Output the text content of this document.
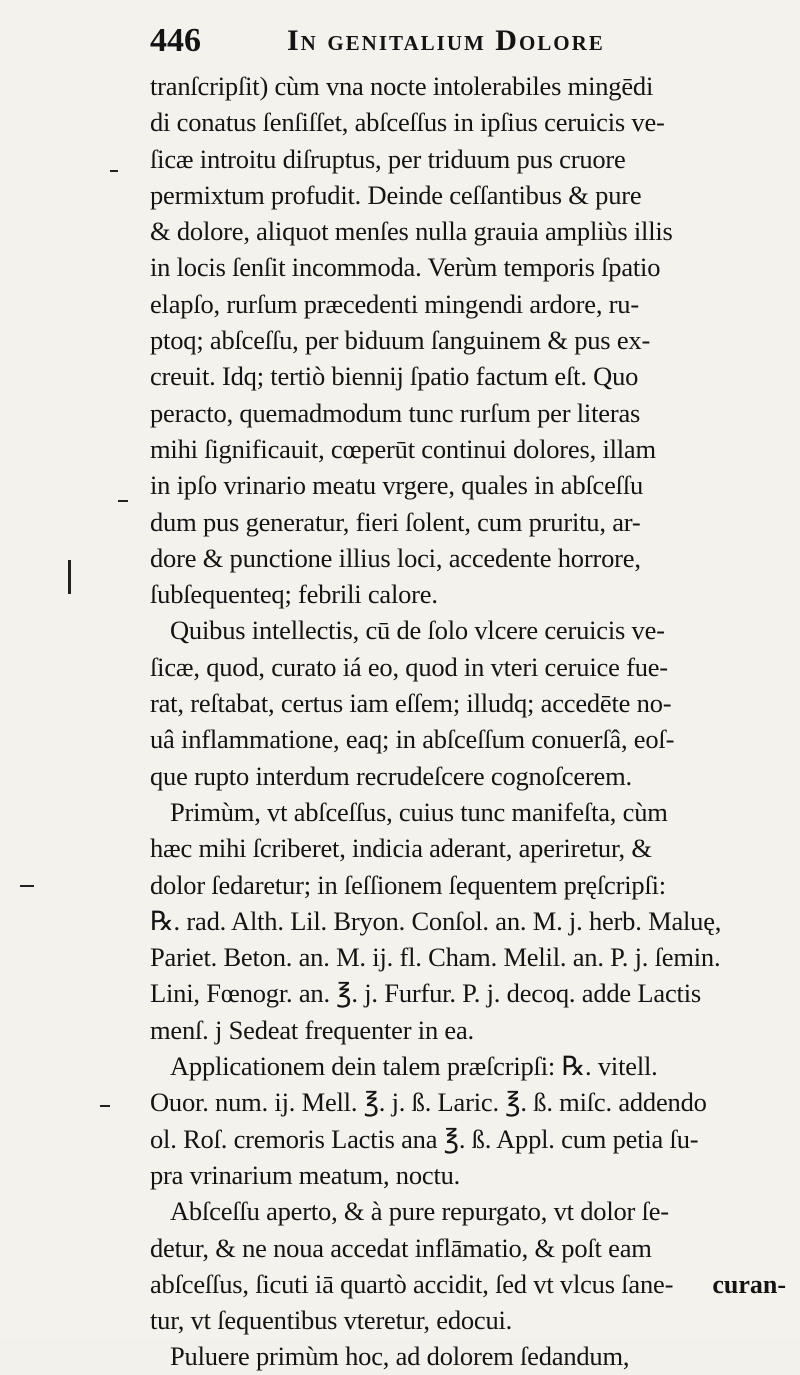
446	In genitalium Dolore
tranſcripſit) cùm vna nocte intolerabiles mingēdi
di conatus ſenſiſſet, abſceſſus in ipſius ceruicis ve-
ſicæ introitu diſruptus, per triduum pus cruore
permixtum profudit. Deinde ceſſantibus & pure
& dolore, aliquot menſes nulla grauia ampliùs illis
in locis ſenſit incommoda. Verùm temporis ſpatio
elapſo, rurſum præcedenti mingendi ardore, ru-
ptoq; abſceſſu, per biduum ſanguinem & pus ex-
creuit. Idq; tertiò biennij ſpatio factum eſt. Quo
peracto, quemadmodum tunc rurſum per literas
mihi ſignificauit, cœperūt continui dolores, illam
in ipſo vrinario meatu vrgere, quales in abſceſſu
dum pus generatur, fieri ſolent, cum pruritu, ar-
dore & punctione illius loci, accedente horrore,
ſubſequenteq; febrili calore.
Quibus intellectis, cū de ſolo vlcere ceruicis ve-
ſicæ, quod, curato iá eo, quod in vteri ceruice fue-
rat, reſtabat, certus iam eſſem; illudq; accedēte no-
uâ inflammatione, eaq; in abſceſſum conuerſâ, eoſ-
que rupto interdum recrudeſcere cognoſcerem.
Primùm, vt abſceſſus, cuius tunc manifeſta, cùm
hæc mihi ſcriberet, indicia aderant, aperiretur, &
dolor ſedaretur; in ſeſſionem ſequentem pręſcripſi:
℞. rad. Alth. Lil. Bryon. Conſol. an. M. j. herb. Maluę,
Pariet. Beton. an. M. ij. fl. Cham. Melil. an. P. j. ſemin.
Lini, Fœnogr. an. ℥. j. Furfur. P. j. decoq. adde Lactis
menſ. j Sedeat frequenter in ea.
Applicationem dein talem præſcripſi: ℞. vitell.
Ouor. num. ij. Mell. ℥. j. ß. Laric. ℥. ß. miſc. addendo
ol. Roſ. cremoris Lactis ana ℥. ß. Appl. cum petia ſu-
pra vrinarium meatum, noctu.
Abſceſſu aperto, & à pure repurgato, vt dolor ſe-
detur, & ne noua accedat inflāmatio, & poſt eam
abſceſſus, ſicuti iā quartò accidit, ſed vt vlcus ſane-
tur, vt ſequentibus vteretur, edocui.
Puluere primùm hoc, ad dolorem ſedandum,
curan-
